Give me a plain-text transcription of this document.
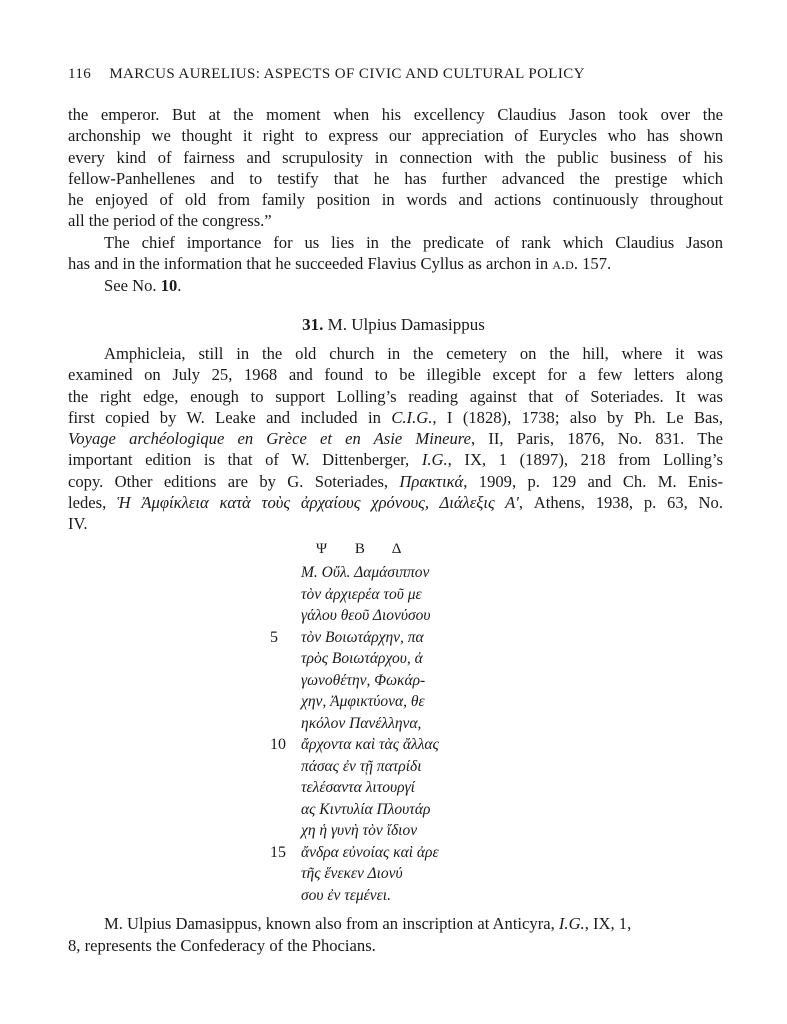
116 MARCUS AURELIUS: ASPECTS OF CIVIC AND CULTURAL POLICY
the emperor. But at the moment when his excellency Claudius Jason took over the
archonship we thought it right to express our appreciation of Eurycles who has shown
every kind of fairness and scrupulosity in connection with the public business of his
fellow-Panhellenes and to testify that he has further advanced the prestige which
he enjoyed of old from family position in words and actions continuously throughout
all the period of the congress.”
The chief importance for us lies in the predicate of rank which Claudius Jason
has and in the information that he succeeded Flavius Cyllus as archon in a.d. 157.
See No. 10.
31. M. Ulpius Damasippus
Amphicleia, still in the old church in the cemetery on the hill, where it was
examined on July 25, 1968 and found to be illegible except for a few letters along
the right edge, enough to support Lolling’s reading against that of Soteriades. It was
first copied by W. Leake and included in C.I.G., I (1828), 1738; also by Ph. Le Bas,
Voyage archéologique en Grèce et en Asie Mineure, II, Paris, 1876, No. 831. The
important edition is that of W. Dittenberger, I.G., IX, 1 (1897), 218 from Lolling’s
copy. Other editions are by G. Soteriades, Πρακτικά, 1909, p. 129 and Ch. M. Enis-
ledes, Ἡ Ἀμφίκλεια κατὰ τοὺς ἀρχαίους χρόνους, Διάλεξις Αʹ, Athens, 1938, p. 63, No.
IV.
Ψ Β Δ
Μ. Οὔλ. Δαμάσιππον
τὸν ἀρχιερέα τοῦ με
γάλου θεοῦ Διονύσου
5	τὸν Βοιωτάρχην, πα
τρὸς Βοιωτάρχου, ἀ
γωνοθέτην, Φωκάρ-
χην, Ἀμφικτύονα, θε
ηκόλον Πανέλληνα,
10 ἄρχοντα καὶ τὰς ἄλλας
πάσας ἐν τῇ πατρίδι
τελέσαντα λιτουργί
ας Κιντυλία Πλουτάρ
χη ἡ γυνὴ τὸν ἴδιον
15 ἄνδρα εὐνοίας καὶ ἀρε
τῆς ἕνεκεν Διονύ
σου ἐν τεμένει.
M. Ulpius Damasippus, known also from an inscription at Anticyra, I.G., IX, 1,
8, represents the Confederacy of the Phocians.
